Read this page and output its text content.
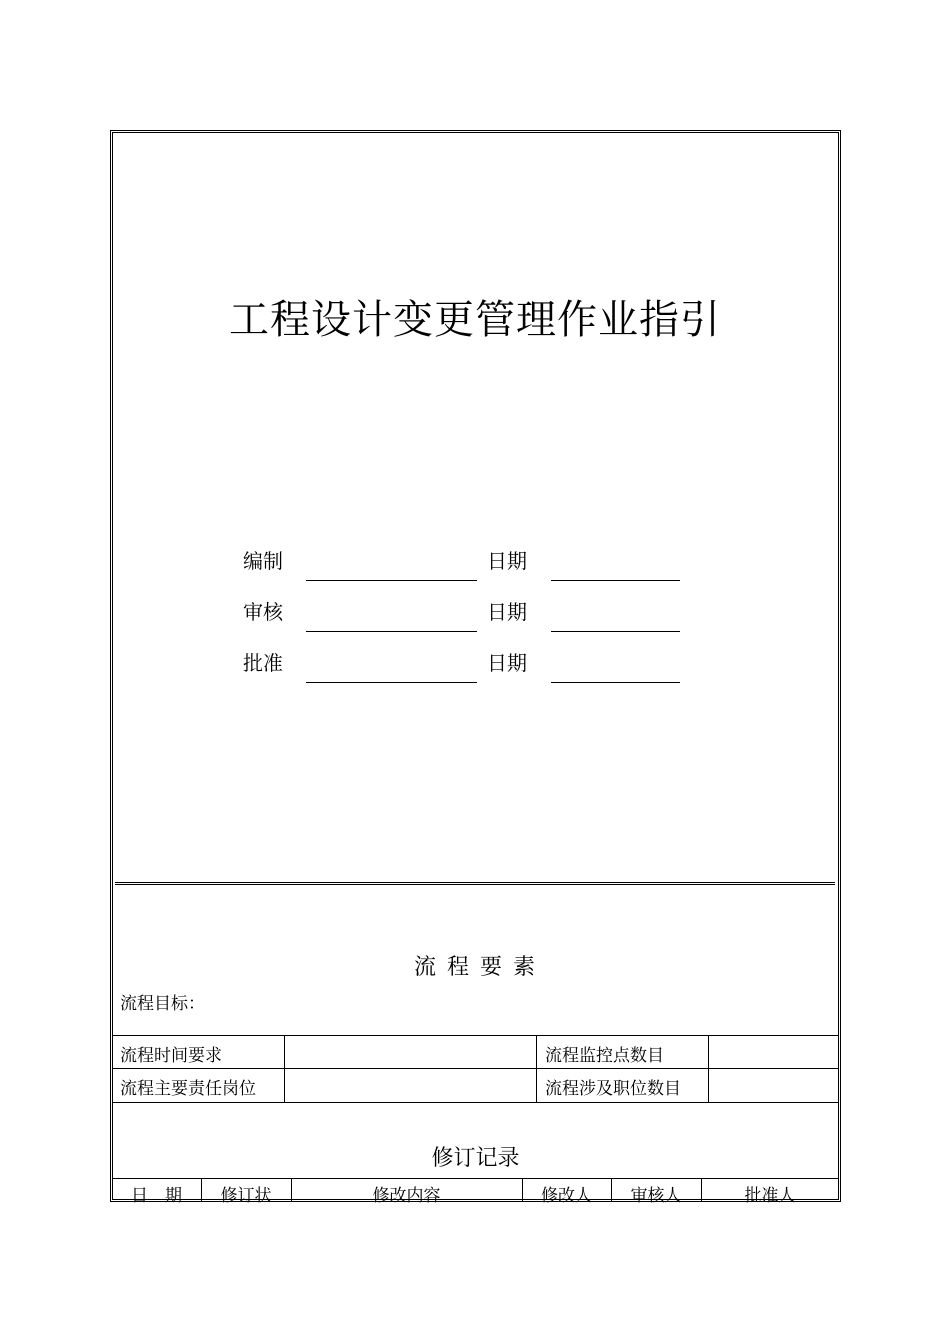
工程设计变更管理作业指引
编制	日期
审核	日期
批准	日期
流 程 要 素
流程目标：
流程时间要求	流程监控点数目
流程主要责任岗位	流程涉及职位数目
修订记录
日　期	修订状	修改内容	修改人	审核人	批准人
